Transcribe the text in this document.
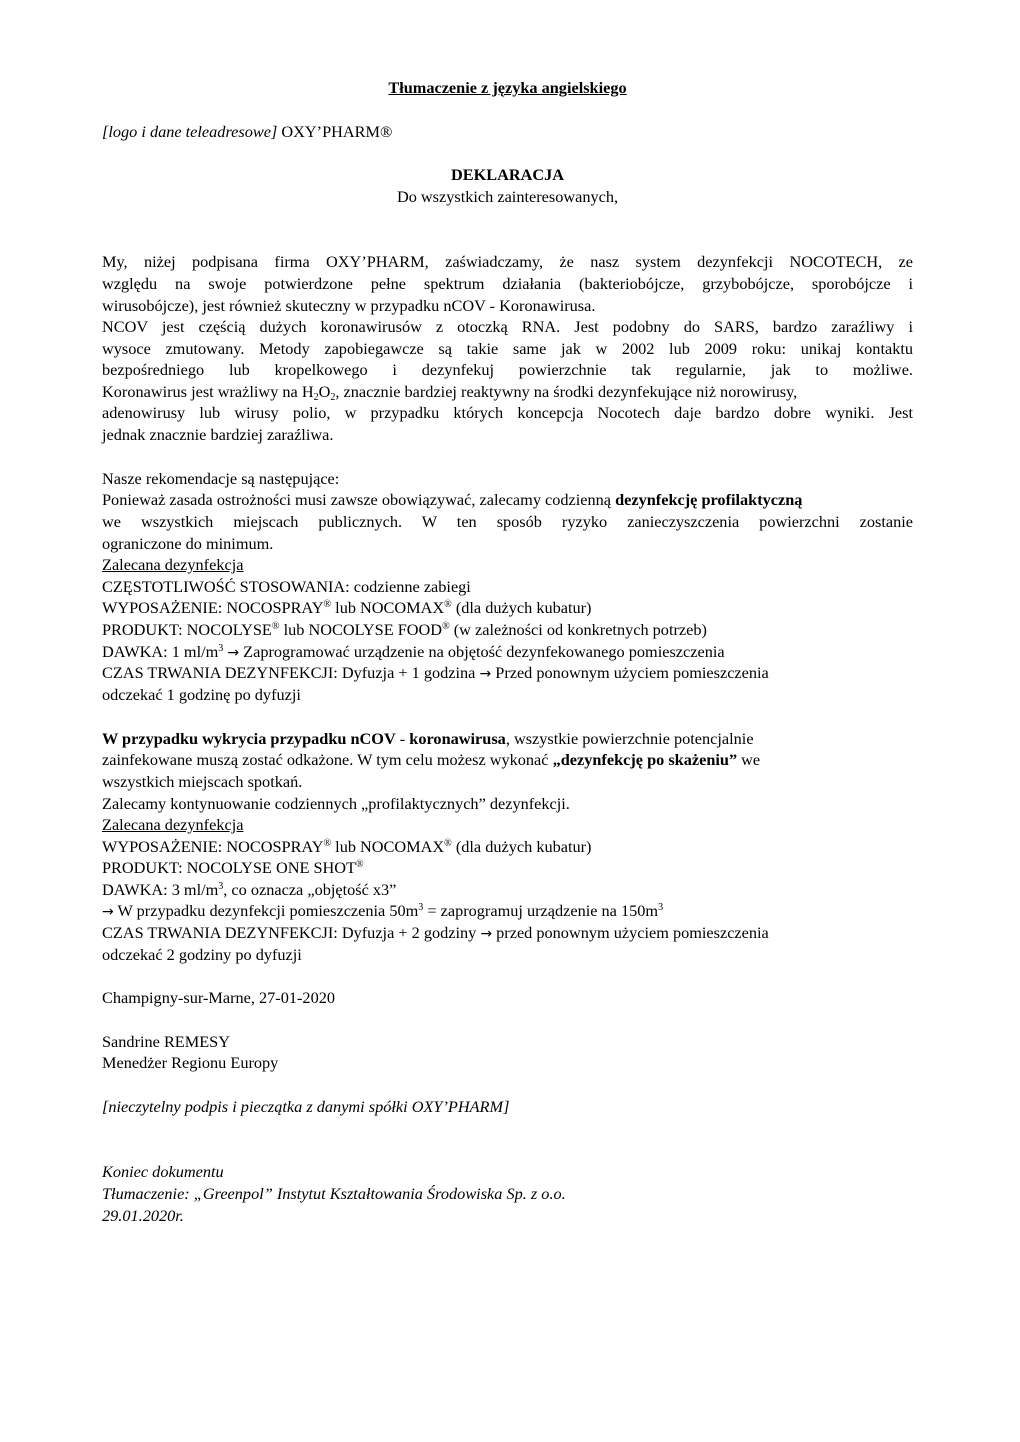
Tłumaczenie z języka angielskiego
[logo i dane teleadresowe] OXY’PHARM®
DEKLARACJA
Do wszystkich zainteresowanych,
My, niżej podpisana firma OXY’PHARM, zaświadczamy, że nasz system dezynfekcji NOCOTECH, ze
względu na swoje potwierdzone pełne spektrum działania (bakteriobójcze, grzybobójcze, sporobójcze i
wirusobójcze), jest również skuteczny w przypadku nCOV - Koronawirusa.
NCOV jest częścią dużych koronawirusów z otoczką RNA. Jest podobny do SARS, bardzo zaraźliwy i
wysoce zmutowany. Metody zapobiegawcze są takie same jak w 2002 lub 2009 roku: unikaj kontaktu
bezpośredniego lub kropelkowego i dezynfekuj powierzchnie tak regularnie, jak to możliwe.
Koronawirus jest wrażliwy na $H_2O_2$, znacznie bardziej reaktywny na środki dezynfekujące niż norowirusy,
adenowirusy lub wirusy polio, w przypadku których koncepcja Nocotech daje bardzo dobre wyniki. Jest
jednak znacznie bardziej zaraźliwa.
Nasze rekomendacje są następujące:
Ponieważ zasada ostrożności musi zawsze obowiązywać, zalecamy codzienną dezynfekcję profilaktyczną
we wszystkich miejscach publicznych. W ten sposób ryzyko zanieczyszczenia powierzchni zostanie
ograniczone do minimum.
Zalecana dezynfekcja
CZĘSTOTLIWOŚĆ STOSOWANIA: codzienne zabiegi
WYPOSAŻENIE: NOCOSPRAY® lub NOCOMAX® (dla dużych kubatur)
PRODUKT: NOCOLYSE® lub NOCOLYSE FOOD® (w zależności od konkretnych potrzeb)
DAWKA: 1 $ml/m^3$ → Zaprogramować urządzenie na objętość dezynfekowanego pomieszczenia
CZAS TRWANIA DEZYNFEKCJI: Dyfuzja + 1 godzina → Przed ponownym użyciem pomieszczenia
odczekać 1 godzinę po dyfuzji
W przypadku wykrycia przypadku nCOV - koronawirusa, wszystkie powierzchnie potencjalnie
zainfekowane muszą zostać odkażone. W tym celu możesz wykonać „dezynfekcję po skażeniu” we
wszystkich miejscach spotkań.
Zalecamy kontynuowanie codziennych „profilaktycznych” dezynfekcji.
Zalecana dezynfekcja
WYPOSAŻENIE: NOCOSPRAY® lub NOCOMAX® (dla dużych kubatur)
PRODUKT: NOCOLYSE ONE SHOT®
DAWKA: 3 $ml/m^3$, co oznacza „objętość x3”
→ W przypadku dezynfekcji pomieszczenia $50m^3$ = zaprogramuj urządzenie na $150m^3$
CZAS TRWANIA DEZYNFEKCJI: Dyfuzja + 2 godziny → przed ponownym użyciem pomieszczenia
odczekać 2 godziny po dyfuzji
Champigny-sur-Marne, 27-01-2020
Sandrine REMESY
Menedżer Regionu Europy
[nieczytelny podpis i pieczątka z danymi spółki OXY’PHARM]
Koniec dokumentu
Tłumaczenie: „Greenpol” Instytut Kształtowania Środowiska Sp. z o.o.
29.01.2020r.
